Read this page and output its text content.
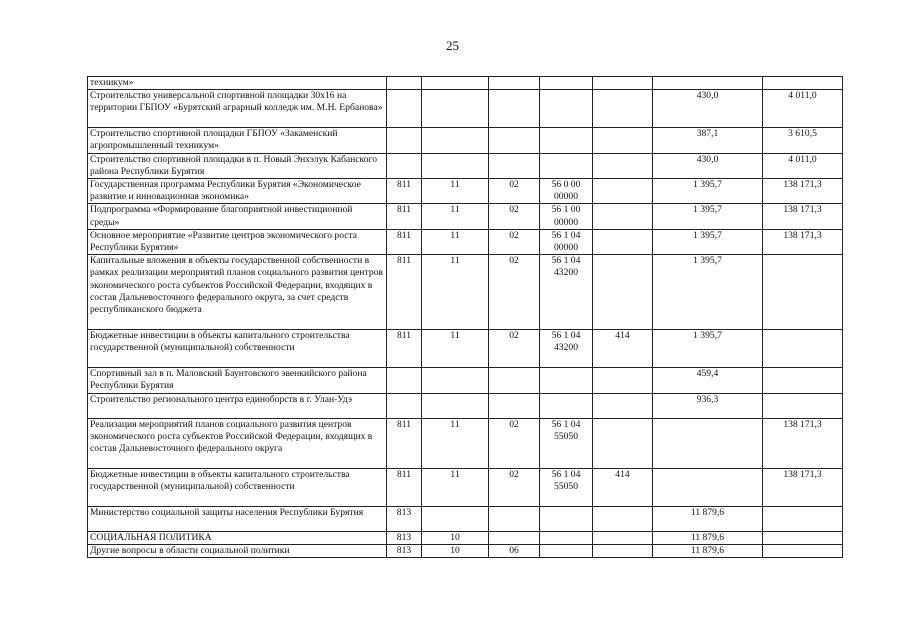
25
техникум»							
Строительство универсальной спортивной площадки 30х16 на территории ГБПОУ «Бурятский аграрный колледж им. М.Н. Ербанова»						430,0	4 011,0
Строительство спортивной площадки ГБПОУ «Закаменский агропромышленный техникум»						387,1	3 610,5
Строительство спортивной площадки в п. Новый Энхэлук Кабанского района Республики Бурятия						430,0	4 011,0
Государственная программа Республики Бурятия «Экономическое развитие и инновационная экономика»	811	11	02	56 0 00 00000		1 395,7	138 171,3
Подпрограмма «Формирование благоприятной инвестиционной среды»	811	11	02	56 1 00 00000		1 395,7	138 171,3
Основное мероприятие «Развитие центров экономического роста Республики Бурятия»	811	11	02	56 1 04 00000		1 395,7	138 171,3
Капитальные вложения в объекты государственной собственности в рамках реализации мероприятий планов социального развития центров экономического роста субъектов Российской Федерации, входящих в состав Дальневосточного федерального округа, за счет средств республиканского бюджета	811	11	02	56 1 04 43200		1 395,7	
Бюджетные инвестиции в объекты капитального строительства государственной (муниципальной) собственности	811	11	02	56 1 04 43200	414	1 395,7	
Спортивный зал в п. Маловский Баунтовского эвенкийского района Республики Бурятия						459,4	
Строительство регионального центра единоборств в г. Улан-Удэ						936,3	
Реализация мероприятий планов социального развития центров экономического роста субъектов Российской Федерации, входящих в состав Дальневосточного федерального округа	811	11	02	56 1 04 55050			138 171,3
Бюджетные инвестиции в объекты капитального строительства государственной (муниципальной) собственности	811	11	02	56 1 04 55050	414		138 171,3
Министерство социальной защиты населения Республики Бурятия	813					11 879,6	
СОЦИАЛЬНАЯ ПОЛИТИКА	813	10				11 879,6	
Другие вопросы в области социальной политики	813	10	06			11 879,6	
